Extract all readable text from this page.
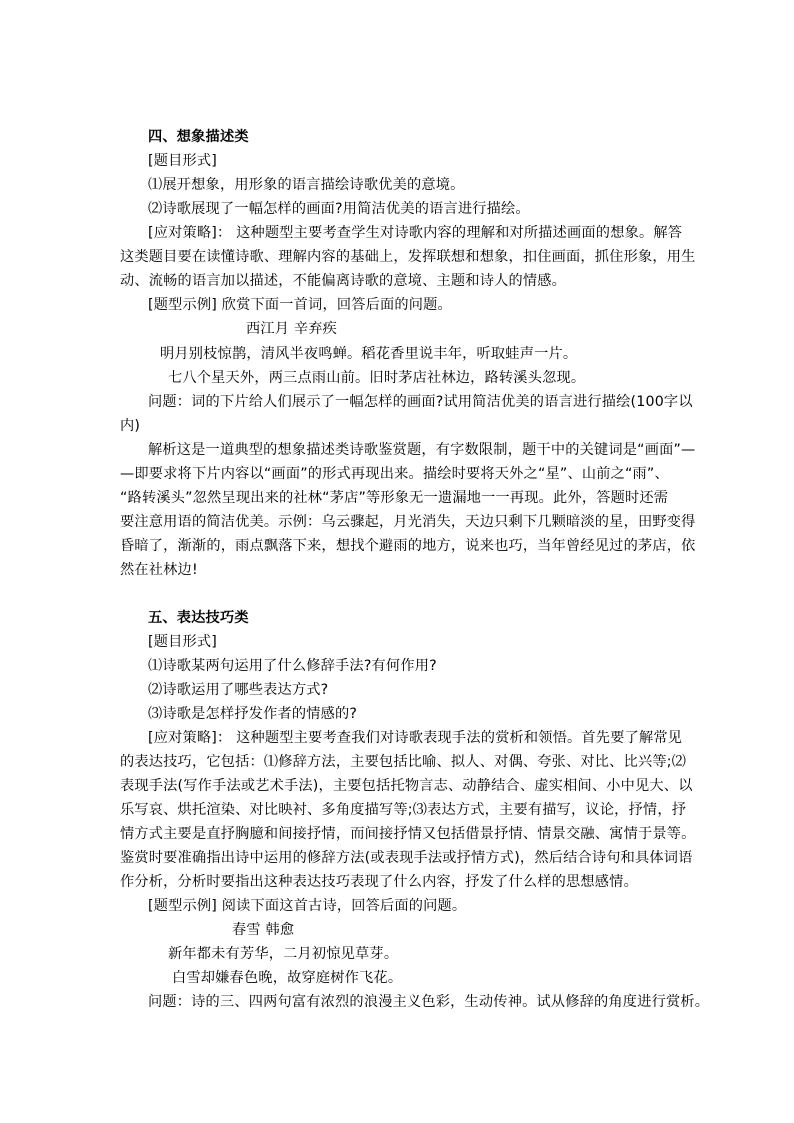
四、想象描述类
[题目形式]
⑴展开想象，用形象的语言描绘诗歌优美的意境。
⑵诗歌展现了一幅怎样的画面?用简洁优美的语言进行描绘。
[应对策略]： 这种题型主要考查学生对诗歌内容的理解和对所描述画面的想象。解答
这类题目要在读懂诗歌、理解内容的基础上，发挥联想和想象，扣住画面，抓住形象，用生
动、流畅的语言加以描述，不能偏离诗歌的意境、主题和诗人的情感。
[题型示例] 欣赏下面一首词，回答后面的问题。
西江月 辛弃疾
明月别枝惊鹊，清风半夜鸣蝉。稻花香里说丰年，听取蛙声一片。
七八个星天外，两三点雨山前。旧时茅店社林边，路转溪头忽现。
问题：词的下片给人们展示了一幅怎样的画面?试用简洁优美的语言进行描绘(100字以
内)
解析这是一道典型的想象描述类诗歌鉴赏题，有字数限制，题干中的关键词是“画面”—
—即要求将下片内容以“画面”的形式再现出来。描绘时要将天外之“星”、山前之“雨”、
“路转溪头”忽然呈现出来的社林“茅店”等形象无一遗漏地一一再现。此外，答题时还需
要注意用语的简洁优美。示例：乌云骤起，月光消失，天边只剩下几颗暗淡的星，田野变得
昏暗了，渐渐的，雨点飘落下来，想找个避雨的地方，说来也巧，当年曾经见过的茅店，依
然在社林边!
五、表达技巧类
[题目形式]
⑴诗歌某两句运用了什么修辞手法?有何作用?
⑵诗歌运用了哪些表达方式?
⑶诗歌是怎样抒发作者的情感的?
[应对策略]： 这种题型主要考查我们对诗歌表现手法的赏析和领悟。首先要了解常见
的表达技巧，它包括：⑴修辞方法，主要包括比喻、拟人、对偶、夸张、对比、比兴等;⑵
表现手法(写作手法或艺术手法)，主要包括托物言志、动静结合、虚实相间、小中见大、以
乐写哀、烘托渲染、对比映衬、多角度描写等;⑶表达方式，主要有描写，议论，抒情，抒
情方式主要是直抒胸臆和间接抒情，而间接抒情又包括借景抒情、情景交融、寓情于景等。
鉴赏时要准确指出诗中运用的修辞方法(或表现手法或抒情方式)，然后结合诗句和具体词语
作分析，分析时要指出这种表达技巧表现了什么内容，抒发了什么样的思想感情。
[题型示例] 阅读下面这首古诗，回答后面的问题。
春雪 韩愈
新年都未有芳华，二月初惊见草芽。
白雪却嫌春色晚，故穿庭树作飞花。
问题：诗的三、四两句富有浓烈的浪漫主义色彩，生动传神。试从修辞的角度进行赏析。
